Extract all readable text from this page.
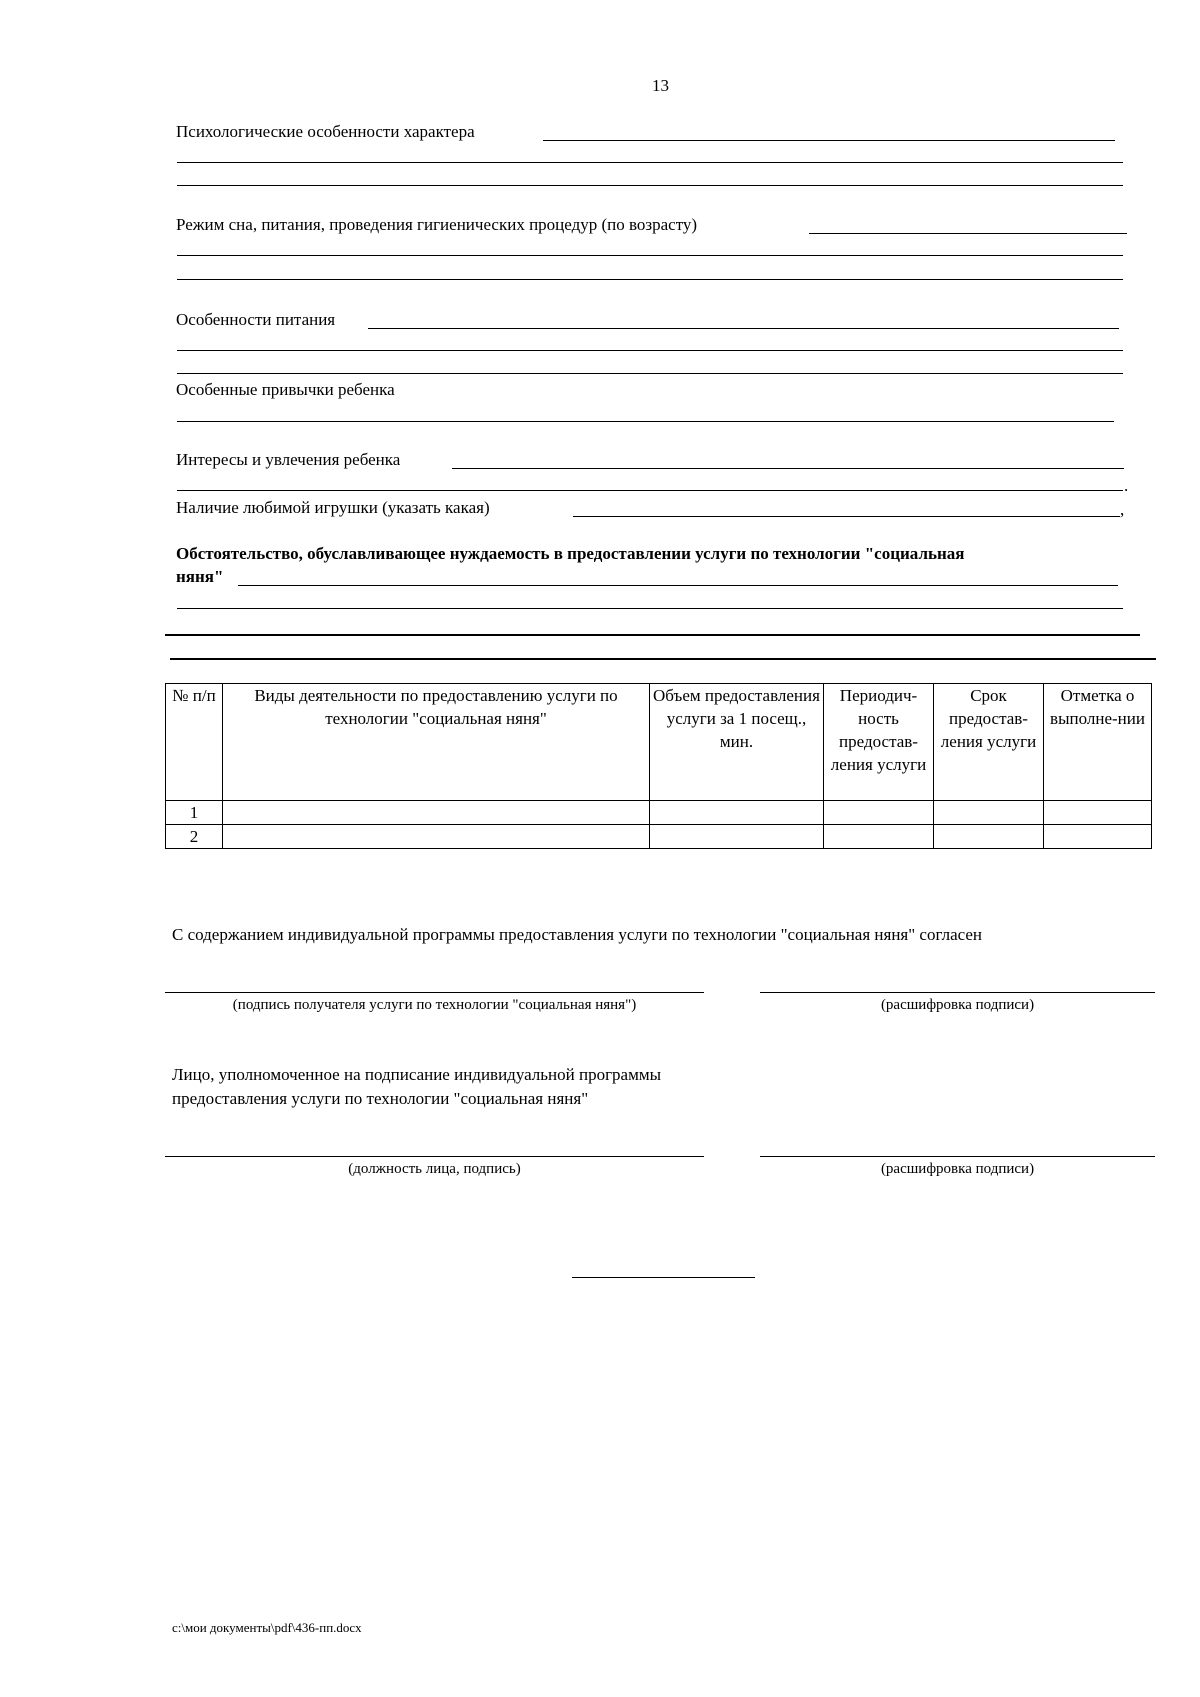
13
Психологические особенности характера
Режим сна, питания, проведения гигиенических процедур (по возрасту)
Особенности питания
Особенные привычки ребенка
Интересы и увлечения ребенка
.
Наличие любимой игрушки (указать какая)	,
Обстоятельство, обуславливающее нуждаемость в предоставлении услуги по технологии "социальная
няня"
№ п/п	Виды деятельности по предоставлению услуги по технологии "социальная няня"	Объем предоставления услуги за 1 посещ., мин.	Периодич-ность предостав-ления услуги	Срок предостав-ления услуги	Отметка о выполне-нии
1					
2					
С содержанием индивидуальной программы предоставления услуги по технологии "социальная няня" согласен
(подпись получателя услуги по технологии "социальная няня")	(расшифровка подписи)
Лицо, уполномоченное на подписание индивидуальной программы
предоставления услуги по технологии "социальная няня"
(должность лица, подпись)	(расшифровка подписи)
c:\мои документы\pdf\436-пп.docx
